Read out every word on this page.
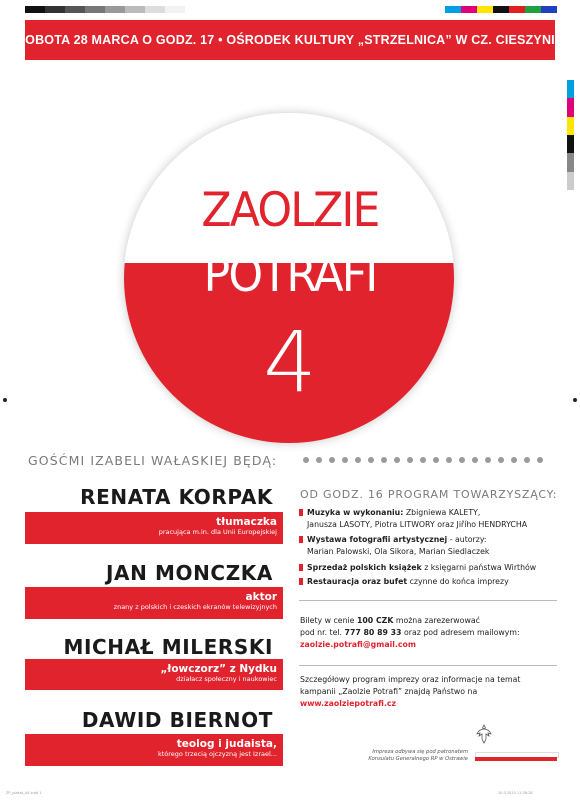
SOBOTA 28 MARCA O GODZ. 17 • OŚRODEK KULTURY „STRZELNICA” W CZ. CIESZYNIE
ZAOLZIE
POTRAFI
4
GOŚĆMI IZABELI WAŁASKIEJ BĘDĄ:
RENATA KORPAK
tłumaczka
pracująca m.in. dla Unii Europejskiej
JAN MONCZKA
aktor
znany z polskich i czeskich ekranów telewizyjnych
MICHAŁ MILERSKI
„łowczorz” z Nydku
działacz społeczny i naukowiec
DAWID BIERNOT
teolog i judaista,
którego trzecią ojczyzną jest Izrael...
OD GODZ. 16 PROGRAM TOWARZYSZĄCY:
Muzyka w wykonaniu: Zbigniewa KALETY,
Janusza LASOTY, Piotra LITWORY oraz Jiřího HENDRYCHA
Wystawa fotografii artystycznej - autorzy:
Marian Palowski, Ola Sikora, Marian Siedlaczek
Sprzedaż polskich książek z księgarni państwa Wirthów
Restauracja oraz bufet czynne do końca imprezy
Bilety w cenie 100 CZK można zarezerwować
pod nr. tel. 777 80 89 33 oraz pod adresem mailowym:
zaolzie.potrafi@gmail.com
Szczegółowy program imprezy oraz informacje na temat
kampanii „Zaolzie Potrafi” znajdą Państwo na
www.zaolziepotrafi.cz
Impreza odbywa się pod patronatem
Konsulatu Generalnego RP w Ostrawie
ZP_plakat_A4.indd 1	10.3.2015 11:36:28
